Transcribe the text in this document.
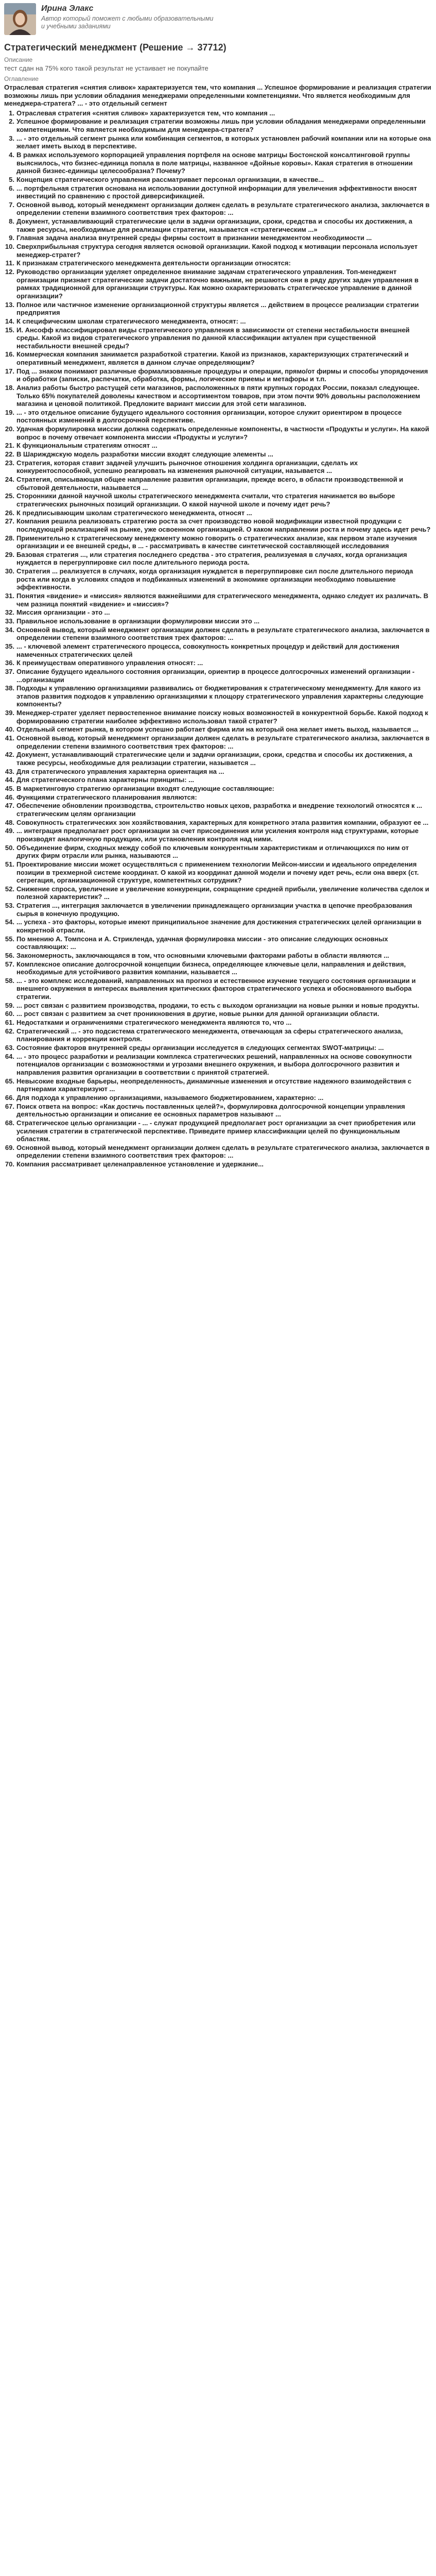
Ирина Элакс
Автор который поможет с любыми образовательными и учебными заданиями
Стратегический менеджмент (Решение → 37712)
Описание
тест сдан на 75% кого такой результат не устаивает не покупайте
Оглавление
Отраслевая стратегия «снятия сливок» характеризуется тем, что компания ... Успешное формирование и реализация стратегии возможны лишь при условии обладания менеджерами определенными компетенциями. Что является необходимым для менеджера-стратега? ... - это отдельный сегмент
1. Отраслевая стратегия «снятия сливок» характеризуется тем, что компания ...
2. Успешное формирование и реализация стратегии возможны лишь при условии обладания менеджерами определенными компетенциями. Что является необходимым для менеджера-стратега?
3. ... - это отдельный сегмент рынка или комбинация сегментов, в которых установлен рабочий компании или на которые она желает иметь выход в перспективе.
4. В рамках используемого корпорацией управления портфеля на основе матрицы Бостонской консалтинговой группы выяснилось, что бизнес-единица попала в поле матрицы, названное «Дойные коровы». Какая стратегия в отношении данной бизнес-единицы целесообразна? Почему?
5. Концепция стратегического управления рассматривает персонал организации, в качестве...
6. ... портфельная стратегия основана на использовании доступной информации для увеличения эффективности вносят инвестиций по сравнению с простой диверсификацией.
7. Основной вывод, который менеджмент организации должен сделать в результате стратегического анализа, заключается в определении степени взаимного соответствия трех факторов: ...
8. Документ, устанавливающий стратегические цели в задачи организации, сроки, средства и способы их достижения, а также ресурсы, необходимые для реализации стратегии, называется «стратегическим ...»
9. Главная задача анализа внутренней среды фирмы состоит в признании менеджментом необходимости ...
10. Сверхприбыльная структура сегодня является основой организации. Какой подход к мотивации персонала использует менеджер-стратег?
11. К признакам стратегического менеджмента деятельности организации относятся:
12. Руководство организации уделяет определенное внимание задачам стратегического управления. Топ-менеджент организации признает стратегические задачи достаточно важными, не решаются они в ряду других задач управления в рамках традиционной для организации структуры. Как можно охарактеризовать стратегическое управление в данной организации?
13. Полное или частичное изменение организационной структуры является ... действием в процессе реализации стратегии предприятия
14. К специфическим школам стратегического менеджмента, относят: ...
15. И. Ансофф классифицировал виды стратегического управления в зависимости от степени нестабильности внешней среды. Какой из видов стратегического управления по данной классификации актуален при существенной нестабильности внешней среды?
16. Коммерческая компания занимается разработкой стратегии. Какой из признаков, характеризующих стратегический и оперативный менеджмент, является в данном случае определяющим?
17. Под ... знаком понимают различные формализованные процедуры и операции, прямо/от фирмы и способы упорядочения и обработки (записки, распечатки, обработка, формы, логические приемы и метафоры и т.п.
18. Анализ работы быстро растущей сети магазинов, расположенных в пяти крупных городах России, показал следующее. Только 65% покупателей доволены качеством и ассортиментом товаров, при этом почти 90% довольны расположением магазина и ценовой политикой. Предложите вариант миссии для этой сети магазинов.
19. ... - это отдельное описание будущего идеального состояния организации, которое служит ориентиром в процессе постоянных изменений в долгосрочной перспективе.
20. Удачная формулировка миссии должна содержать определенные компоненты, в частности «Продукты и услуги». На какой вопрос в почему отвечает компонента миссии «Продукты и услуги»?
21. К функциональным стратегиям относят ...
22. В Шарижджскую модель разработки миссии входят следующие элементы ...
23. Стратегия, которая ставит задачей улучшить рыночное отношения холдинга организации, сделать их конкурентоспособной, успешно реагировать на изменения рыночной ситуации, называется ...
24. Стратегия, описывающая общее направление развития организации, прежде всего, в области производственной и сбытовой деятельности, называется ...
25. Сторонники данной научной школы стратегического менеджмента считали, что стратегия начинается во выборе стратегических рыночных позиций организации. О какой научной школе и почему идет речь?
26. К предписывающим школам стратегического менеджмента, относят ...
27. Компания решила реализовать стратегию роста за счет производство новой модификации известной продукции с последующей реализацией на рынке, уже освоенном организацией. О каком направлении роста и почему здесь идет речь?
28. Применительно к стратегическому менеджменту можно говорить о стратегических анализе, как первом этапе изучения организации и ее внешней среды, в ... - рассматривать в качестве синтетической составляющей исследования
29. Базовая стратегия ..., или стратегия последнего средства - это стратегия, реализуемая в случаях, когда организация нуждается в перегруппировке сил после длительного периода роста.
30. Стратегия ... реализуется в случаях, когда организация нуждается в перегруппировке сил после длительного периода роста или когда в условиях спадов и подбиканных изменений в экономике организации необходимо повышение эффективности.
31. Понятия «видение» и «миссия» являются важнейшими для стратегического менеджмента, однако следует их различать. В чем разница понятий «видение» и «миссия»?
32. Миссия организации - это ...
33. Правильное использование в организации формулировки миссии это ...
34. Основной вывод, который менеджмент организации должен сделать в результате стратегического анализа, заключается в определении степени взаимного соответствия трех факторов: ...
35. ... - ключевой элемент стратегического процесса, совокупность конкретных процедур и действий для достижения намеченных стратегических целей
36. К преимуществам оперативного управления относят: ...
37. Описание будущего идеального состояния организации, ориентир в процессе долгосрочных изменений организации - ...организации
38. Подходы к управлению организациями развивались от бюджетирования к стратегическому менеджменту. Для какого из этапов развития подходов к управлению организациями к площору стратегического управления характерны следующие компоненты?
39. Менеджер-стратег уделяет первостепенное внимание поиску новых возможностей в конкурентной борьбе. Какой подход к формированию стратегии наиболее эффективно использовал такой стратег?
40. Отдельный сегмент рынка, в котором успешно работает фирма или на который она желает иметь выход, называется ...
41. Основной вывод, который менеджмент организации должен сделать в результате стратегического анализа, заключается в определении степени взаимного соответствия трех факторов: ...
42. Документ, устанавливающий стратегические цели и задачи организации, сроки, средства и способы их достижения, а также ресурсы, необходимые для реализации стратегии, называется ...
43. Для стратегического управления характерна ориентация на ...
44. Для стратегического плана характерны принципы: ...
45. В маркетинговую стратегию организации входят следующие составляющие:
46. Функциями стратегического планирования являются:
47. Обеспечение обновлении производства, строительство новых цехов, разработка и внедрение технологий относятся к ... стратегическим целям организации
48. Совокупность стратегических зон хозяйствования, характерных для конкретного этапа развития компании, образуют ее ...
49. ... интеграция предполагает рост организации за счет присоединения или усиления контроля над структурами, которые производят аналогичную продукцию, или установления контроля над ними.
50. Объединение фирм, сходных между собой по ключевым конкурентным характеристикам и отличающихся по ним от других фирм отрасли или рынка, называются ...
51. Проектирование миссии может осуществляться с применением технологии Мейсон-миссии и идеального определения позиции в трехмерной системе координат. О какой из координат данной модели и почему идет речь, если она вверх (ст. сегрегация, организационной структуре, компетентных сотрудник?
52. Снижение спроса, увеличение и увеличение конкуренции, сокращение средней прибыли, увеличение количества сделок и полезной характеристик? ...
53. Стратегия ..., интеграция заключается в увеличении принадлежащего организации участка в цепочке преобразования сырья в конечную продукцию.
54. ... успеха - это факторы, которые имеют принципиальное значение для достижения стратегических целей организации в конкретной отрасли.
55. По мнению А. Томпсона и А. Стрикленда, удачная формулировка миссии - это описание следующих основных составляющих: ...
56. Закономерность, заключающаяся в том, что основными ключевыми факторами работы в области являются ...
57. Комплексное описание долгосрочной концепции бизнеса, определяющее ключевые цели, направления и действия, необходимые для устойчивого развития компании, называется ...
58. ... - это комплекс исследований, направленных на прогноз и естественное изучение текущего состояния организации и внешнего окружения в интересах выявления критических факторов стратегического успеха и обоснованного выбора стратегии.
59. ... рост связан с развитием производства, продажи, то есть с выходом организации на новые рынки и новые продукты.
60. ... рост связан с развитием за счет проникновения в другие, новые рынки для данной организации области.
61. Недостатками и ограничениями стратегического менеджмента являются то, что ...
62. Стратегический ... - это подсистема стратегического менеджмента, отвечающая за сферы стратегического анализа, планирования и коррекции контроля.
63. Состояние факторов внутренней среды организации исследуется в следующих сегментах SWOT-матрицы: ...
64. ... - это процесс разработки и реализации комплекса стратегических решений, направленных на основе совокупности потенциалов организации с возможностями и угрозами внешнего окружения, и выбора долгосрочного развития и направления развития организации в соответствии с принятой стратегией.
65. Невысокие входные барьеры, неопределенность, динамичные изменения и отсутствие надежного взаимодействия с партнерами характеризуют ...
66. Для подхода к управлению организациями, называемого бюджетированием, характерно: ...
67. Поиск ответа на вопрос: «Как достичь поставленных целей?», формулировка долгосрочной концепции управления деятельностью организации и описание ее основных параметров называют ...
68. Стратегическое целью организации - ... - служат продукцией предполагает рост организации за счет приобретения или усиления стратегии в стратегической перспективе. Приведите пример классификации целей по функциональным областям.
69. Основной вывод, который менеджмент организации должен сделать в результате стратегического анализа, заключается в определении степени взаимного соответствия трех факторов: ...
70. Компания рассматривает целенаправленное установление и удержание...
